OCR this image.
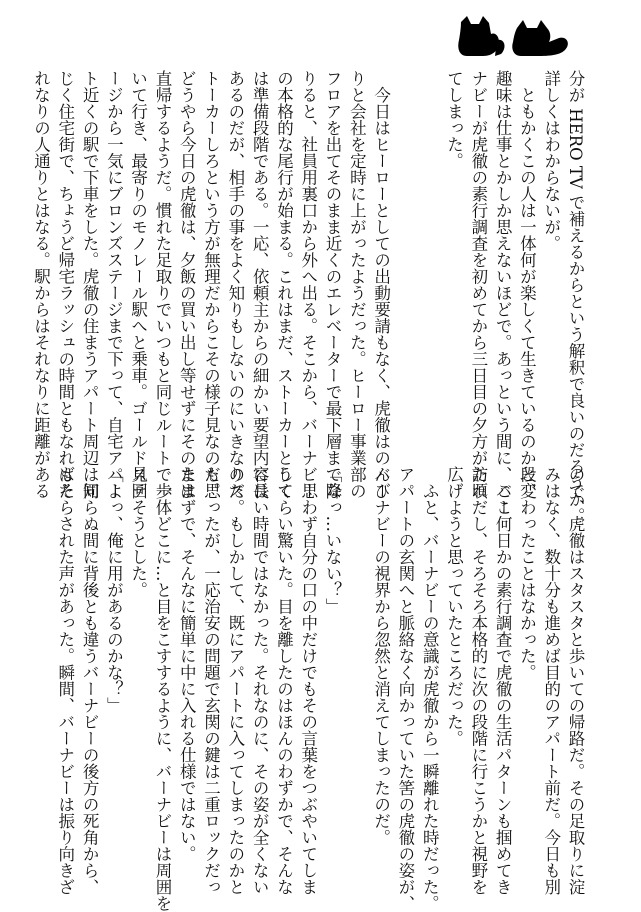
分が HERO TV で補えるからという解釈で良いのだろうか。
詳しくはわからないが。
　ともかくこの人は一体何が楽しくて生きているのかと、
趣味は仕事とかしか思えないほどで。あっという間に、バー
ナビーが虎徹の素行調査を初めてから三日目の夕方が訪れ
てしまった。

　今日はヒーローとしての出動要請もなく、虎徹はのんび
りと会社を定時に上がったようだった。ヒーロー事業部の
フロアを出てそのまま近くのエレベーターで最下層まで降
りると、社員用裏口から外へ出る。そこから、バーナビー
の本格的な尾行が始まる。これはまだ、ストーカーとして
は準備段階である。一応、依頼主からの細かい要望内容は
あるのだが、相手の事をよく知りもしないのにいきなりス
トーカーしろという方が無理だからこその様子見なのだ。
どうやら今日の虎徹は、夕飯の買い出し等せずにそのまま
直帰するようだ。慣れた足取りでいつもと同じルートで歩
いて行き、最寄りのモノレール駅へと乗車。ゴールドステ
ージから一気にブロンズステージまで下って、自宅アパー
ト近くの駅で下車をした。虎徹の住まうアパート周辺は同
じく住宅街で、ちょうど帰宅ラッシュの時間ともなればそ
れなりの人通りとはなる。駅からはそれなりに距離がある
ので、虎徹はスタスタと歩いての帰路だ。その足取りに淀
みはなく、数十分も進めば目的のアパート前だ。今日も別
段変わったことはなかった。
　ここ何日かの素行調査で虎徹の生活パターンも掴めてき
た頃だし、そろそろ本格的に次の段階に行こうかと視野を
広げようと思っていたところだった。
　ふと、バーナビーの意識が虎徹から一瞬離れた時だった。
アパートの玄関へと脈絡なく向かっていた筈の虎徹の姿が、
バーナビーの視界から忽然と消えてしまったのだ。

「なっ…いない？」
　思わず自分の口の中だけでもその言葉をつぶやいてしま
うくらい驚いた。目を離したのはほんのわずかで、そんな
に長い時間ではなかった。それなのに、その姿が全くない
のだ。もしかして、既にアパートに入ってしまったのかと
も思ったが、一応治安の問題で玄関の鍵は二重ロックだっ
たはずで、そんなに簡単に中に入れる仕様ではない。
　一体どこに…と目をこすするように、バーナビーは周囲を
見回そうとした。
「よっ、俺に用があるのかな？」
　知らぬ間に背後とも違うバーナビーの後方の死角から、
もたらされた声があった。瞬間、バーナビーは振り向きざ
